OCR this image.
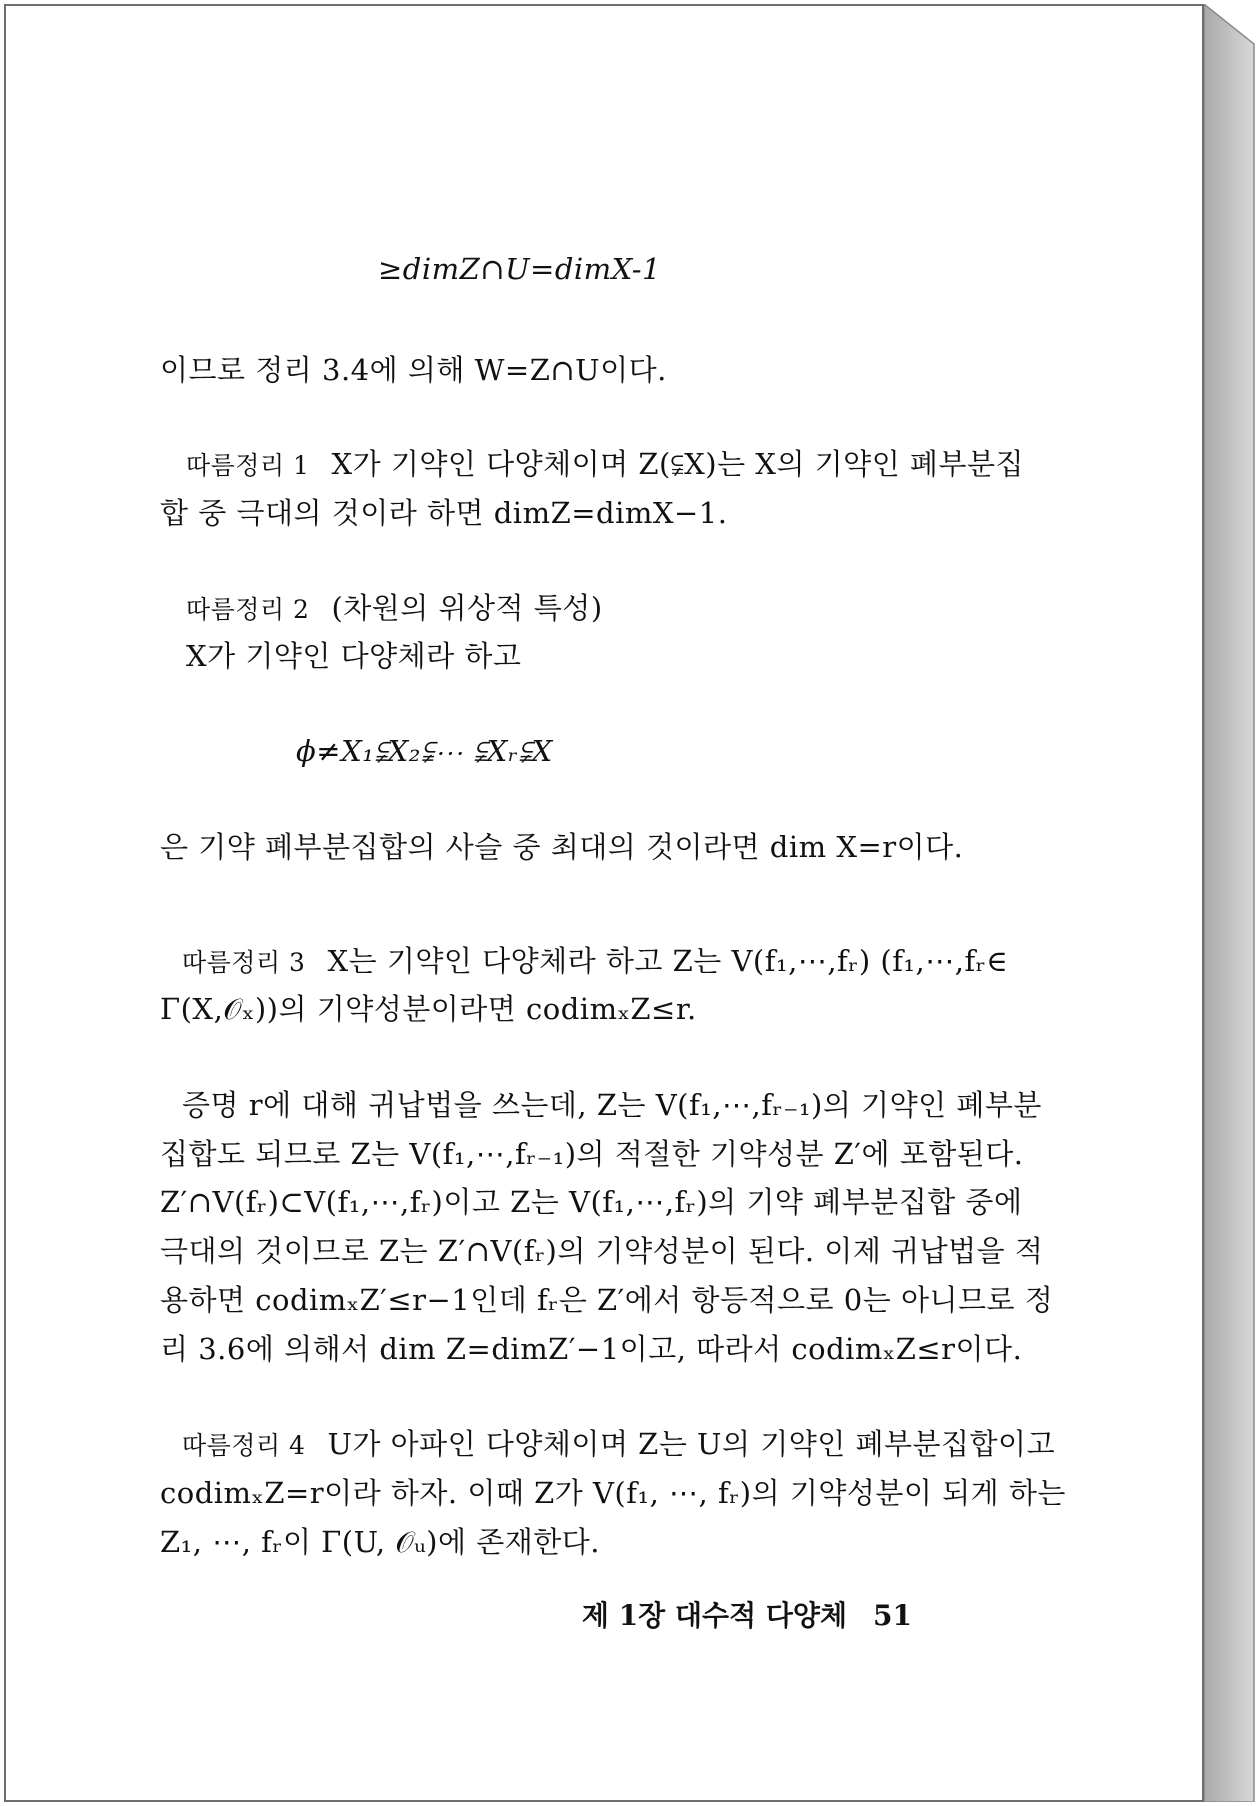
≥dimZ∩U=dimX-1
이므로 정리 3.4에 의해 W=Z∩U이다.
따름정리 1 X가 기약인 다양체이며 Z(⫋X)는 X의 기약인 폐부분집
합 중 극대의 것이라 하면 dimZ=dimX−1.
따름정리 2 (차원의 위상적 특성)
X가 기약인 다양체라 하고
ϕ≠X₁⫋X₂⫋⋯ ⫋Xᵣ⫋X
은 기약 폐부분집합의 사슬 중 최대의 것이라면 dim X=r이다.
따름정리 3 X는 기약인 다양체라 하고 Z는 V(f₁,⋯,fᵣ) (f₁,⋯,fᵣ∈
Γ(X,𝒪ₓ))의 기약성분이라면 codimₓZ≤r.
증명 r에 대해 귀납법을 쓰는데, Z는 V(f₁,⋯,fᵣ₋₁)의 기약인 폐부분
집합도 되므로 Z는 V(f₁,⋯,fᵣ₋₁)의 적절한 기약성분 Z′에 포함된다.
Z′∩V(fᵣ)⊂V(f₁,⋯,fᵣ)이고 Z는 V(f₁,⋯,fᵣ)의 기약 폐부분집합 중에
극대의 것이므로 Z는 Z′∩V(fᵣ)의 기약성분이 된다. 이제 귀납법을 적
용하면 codimₓZ′≤r−1인데 fᵣ은 Z′에서 항등적으로 0는 아니므로 정
리 3.6에 의해서 dim Z=dimZ′−1이고, 따라서 codimₓZ≤r이다.
따름정리 4 U가 아파인 다양체이며 Z는 U의 기약인 폐부분집합이고
codimₓZ=r이라 하자. 이때 Z가 V(f₁, ⋯, fᵣ)의 기약성분이 되게 하는
Z₁, ⋯, fᵣ이 Γ(U, 𝒪ᵤ)에 존재한다.
제 1장 대수적 다양체 51
